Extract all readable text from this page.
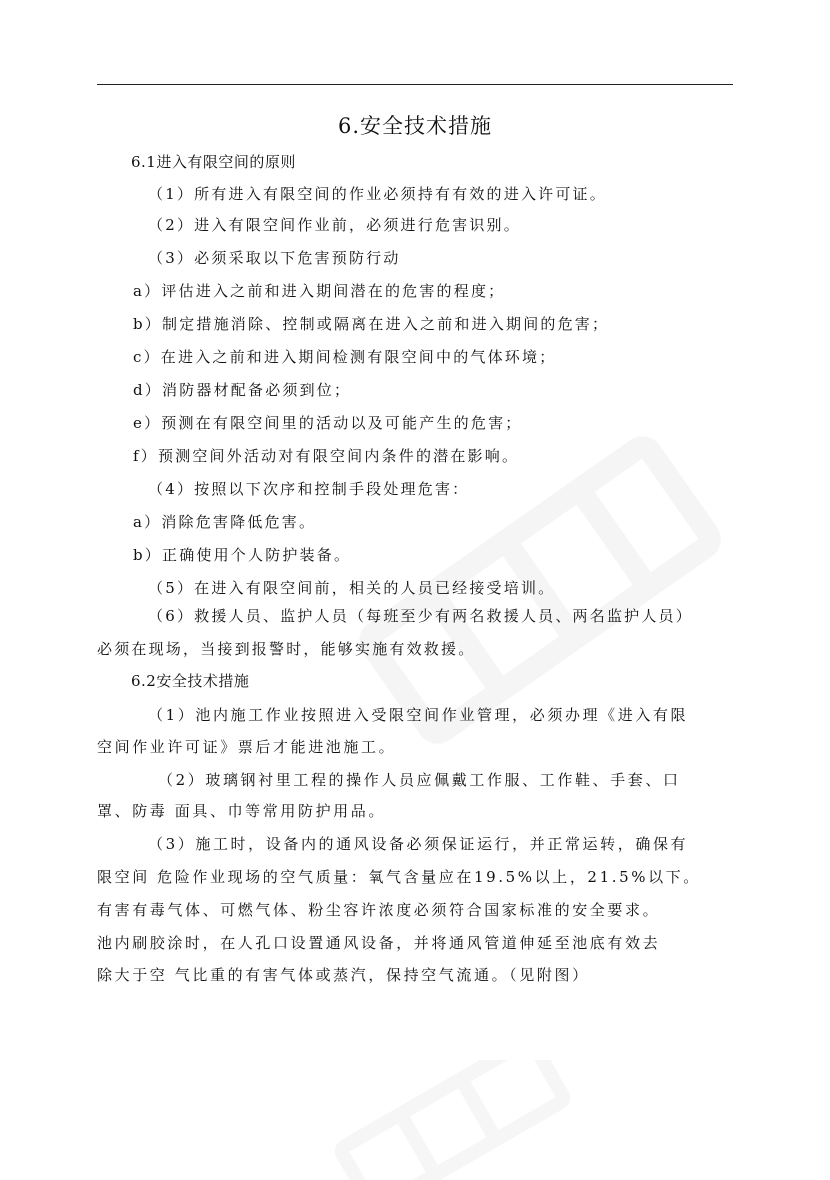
6.安全技术措施
6.1进入有限空间的原则
（1）所有进入有限空间的作业必须持有有效的进入许可证。
（2）进入有限空间作业前，必须进行危害识别。
（3）必须采取以下危害预防行动
a）评估进入之前和进入期间潜在的危害的程度；
b）制定措施消除、控制或隔离在进入之前和进入期间的危害；
c）在进入之前和进入期间检测有限空间中的气体环境；
d）消防器材配备必须到位；
e）预测在有限空间里的活动以及可能产生的危害；
f）预测空间外活动对有限空间内条件的潜在影响。
（4）按照以下次序和控制手段处理危害：
a）消除危害降低危害。
b）正确使用个人防护装备。
（5）在进入有限空间前，相关的人员已经接受培训。
（6）救援人员、监护人员（每班至少有两名救援人员、两名监护人员）
必须在现场，当接到报警时，能够实施有效救援。
6.2安全技术措施
（1）池内施工作业按照进入受限空间作业管理，必须办理《进入有限
空间作业许可证》票后才能进池施工。
（2）玻璃钢衬里工程的操作人员应佩戴工作服、工作鞋、手套、口
罩、防毒 面具、巾等常用防护用品。
（3）施工时，设备内的通风设备必须保证运行，并正常运转，确保有
限空间 危险作业现场的空气质量：氧气含量应在19.5%以上，21.5%以下。
有害有毒气体、可燃气体、粉尘容许浓度必须符合国家标准的安全要求。
池内刷胶涂时，在人孔口设置通风设备，并将通风管道伸延至池底有效去
除大于空 气比重的有害气体或蒸汽，保持空气流通。（见附图）
